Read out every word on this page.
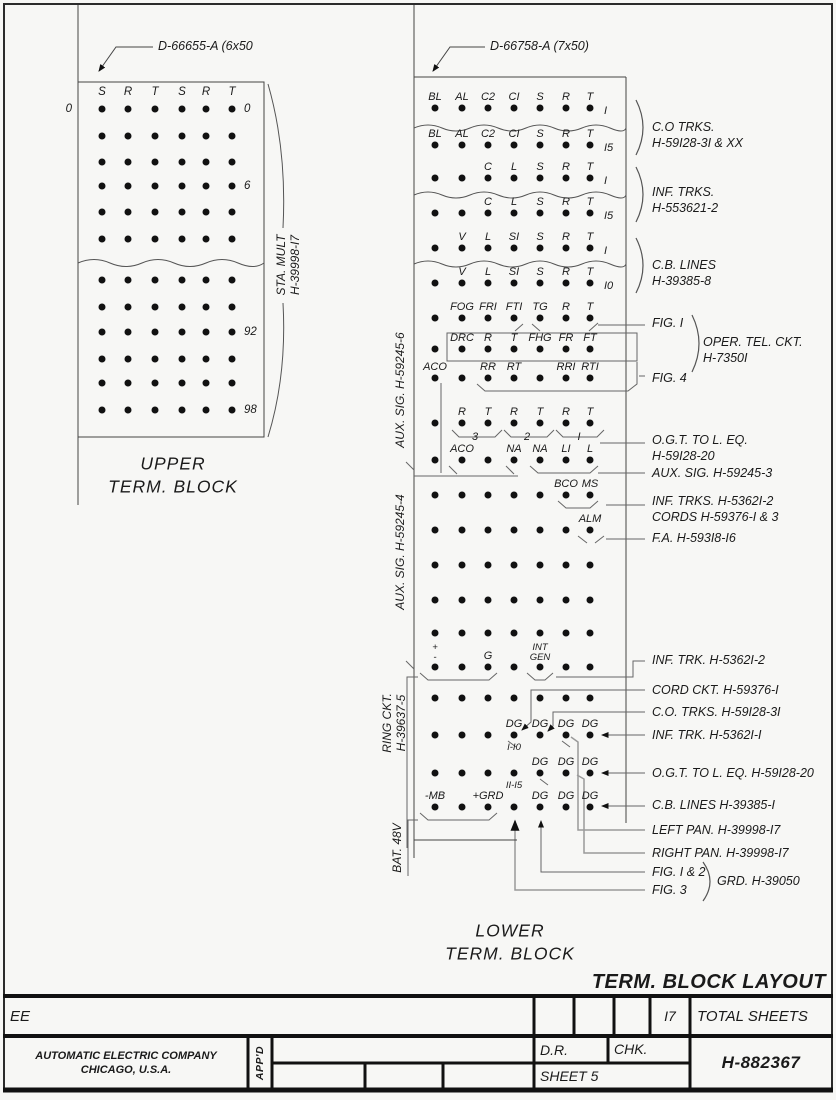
D-66655-A (6x50	D-66758-A (7x50)
STA. MULT
H-39998-I7
UPPER
TERM. BLOCK
LOWER
TERM. BLOCK
TERM. BLOCK LAYOUT
EE	I7 TOTAL SHEETS
AUTOMATIC ELECTRIC COMPANY
CHICAGO, U.S.A.	APP'D	D.R.	CHK.
SHEET 5
H-882367
S R T S R T
0	0
6
92
98
BL AL C2 CI S R T
I
BL AL C2 CI S R T
I5
C L S R T
I
C L S R T
I5
V L SI S R T
I
V L SI S R T
I0
FOG FRI FTI TG R T
DRC R T FHG FR FT
ACO	RR RT	RRI RTI
R T R T R T
3	2	I
ACO	NA NA LI L
BCO MS
ALM
+
-	G
INT
GEN
DG DG DG DG
I-I0
DG DG DG
II-I5
-MB +GRD	DG DG DG
C.O TRKS.
H-59I28-3I & XX
INF. TRKS.
H-553621-2
C.B. LINES
H-39385-8
FIG. I
OPER. TEL. CKT.
H-7350I
FIG. 4
O.G.T. TO L. EQ.
H-59I28-20
AUX. SIG. H-59245-3
INF. TRKS. H-5362I-2
CORDS H-59376-I & 3
F.A. H-593I8-I6
INF. TRK. H-5362I-2
CORD CKT. H-59376-I
C.O. TRKS. H-59I28-3I
INF. TRK. H-5362I-I
O.G.T. TO L. EQ. H-59I28-20
C.B. LINES H-39385-I
LEFT PAN. H-39998-I7
RIGHT PAN. H-39998-I7
FIG. I & 2
FIG. 3
GRD. H-39050
AUX. SIG. H-59245-6
AUX. SIG. H-59245-4
RING CKT.
H-39637-5
BAT. 48V
